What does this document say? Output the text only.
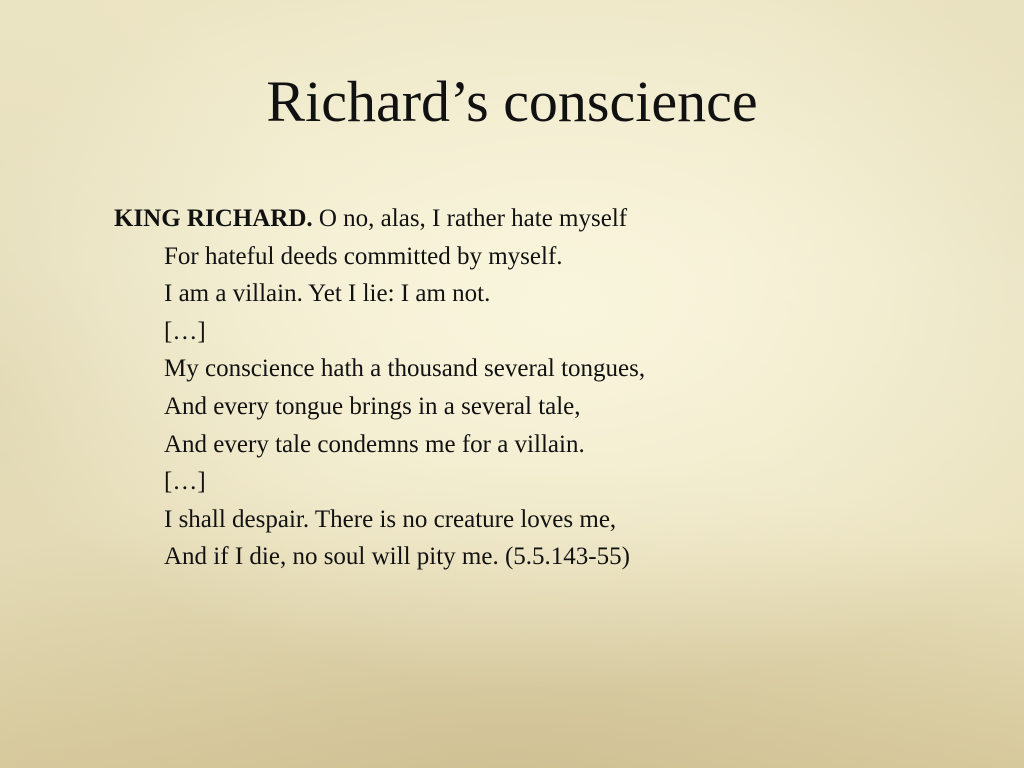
Richard’s conscience
KING RICHARD. O no, alas, I rather hate myself
For hateful deeds committed by myself.
I am a villain. Yet I lie: I am not.
[…]
My conscience hath a thousand several tongues,
And every tongue brings in a several tale,
And every tale condemns me for a villain.
[…]
I shall despair. There is no creature loves me,
And if I die, no soul will pity me. (5.5.143-55)
